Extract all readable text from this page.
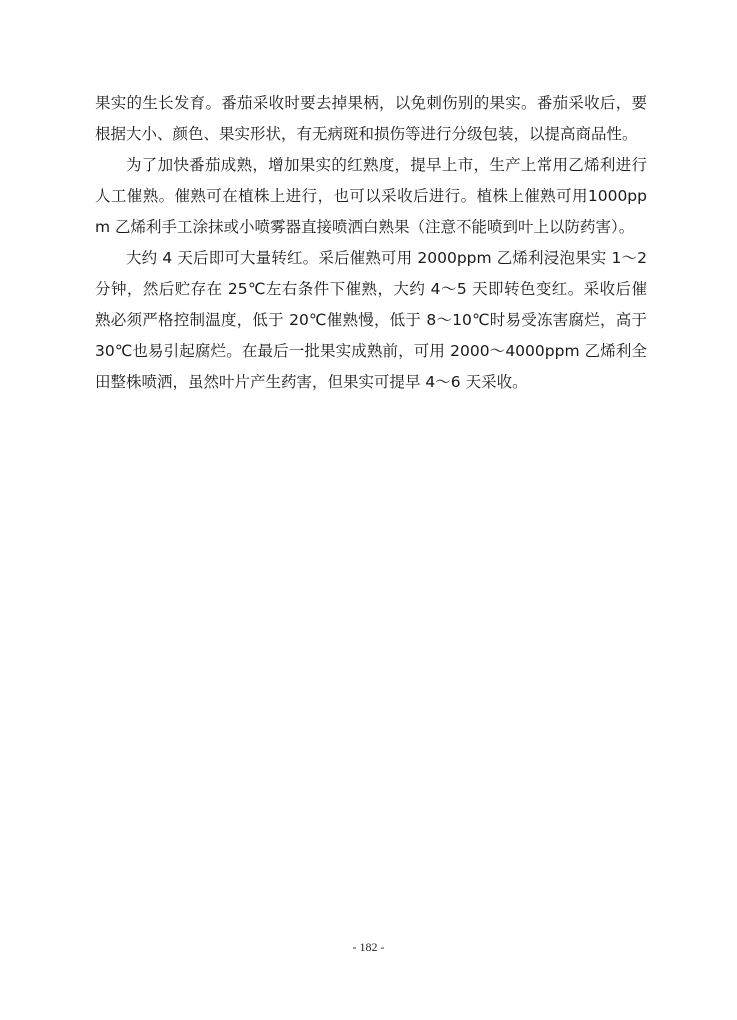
果实的生长发育。番茄采收时要去掉果柄，以免刺伤别的果实。番茄采收后，要根据大小、颜色、果实形状，有无病斑和损伤等进行分级包装，以提高商品性。

为了加快番茄成熟，增加果实的红熟度，提早上市，生产上常用乙烯利进行人工催熟。催熟可在植株上进行，也可以采收后进行。植株上催熟可用1000ppm 乙烯利手工涂抹或小喷雾器直接喷洒白熟果（注意不能喷到叶上以防药害）。

大约 4 天后即可大量转红。采后催熟可用 2000ppm 乙烯利浸泡果实 1～2 分钟，然后贮存在 25℃左右条件下催熟，大约 4～5 天即转色变红。采收后催熟必须严格控制温度，低于 20℃催熟慢，低于 8～10℃时易受冻害腐烂，高于 30℃也易引起腐烂。在最后一批果实成熟前，可用 2000～4000ppm 乙烯利全田整株喷洒，虽然叶片产生药害，但果实可提早 4～6 天采收。

- 182 -
